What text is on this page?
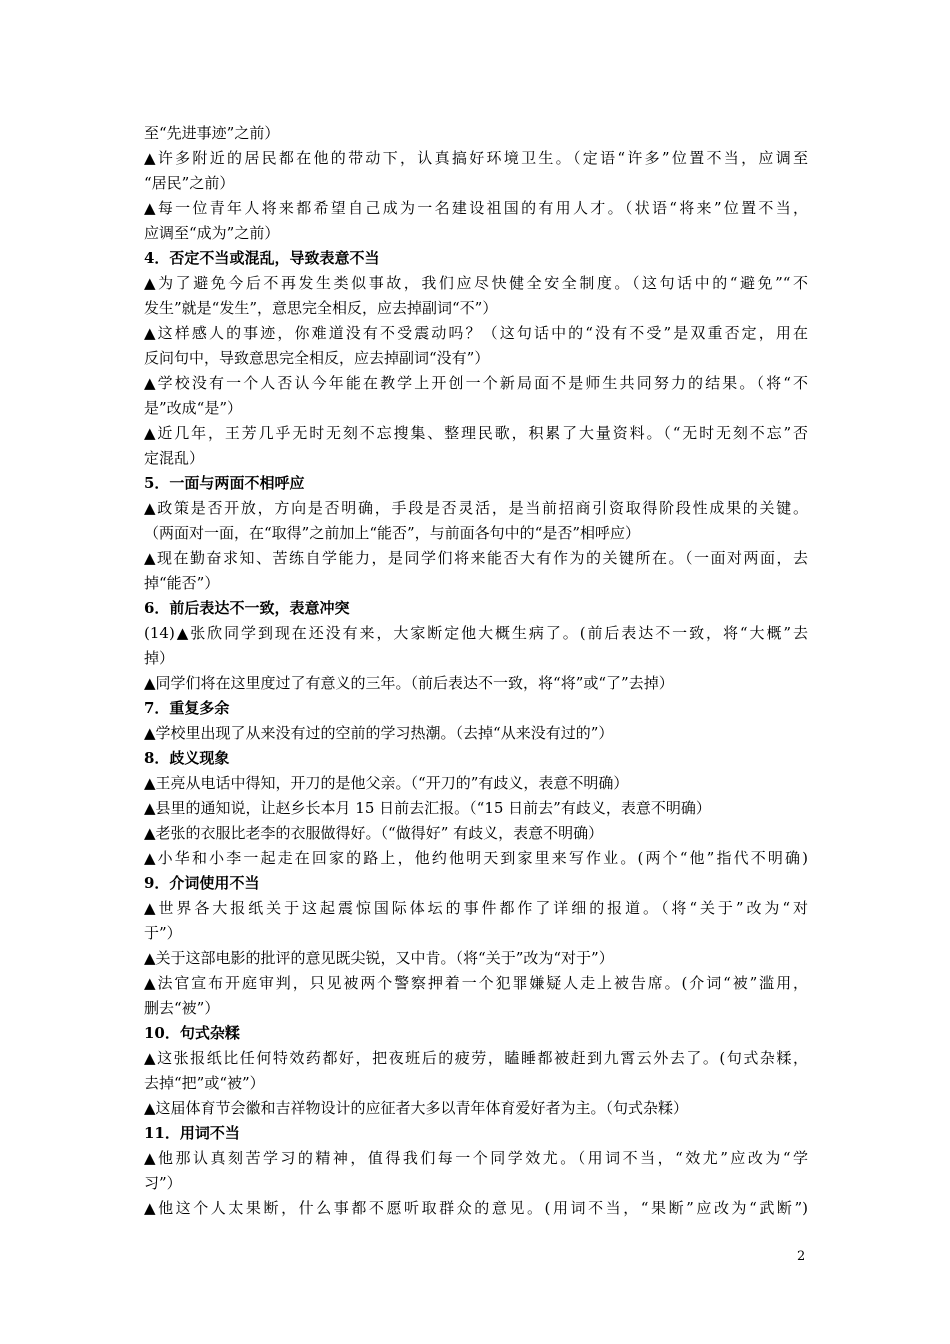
至“先进事迹”之前）
▲许多附近的居民都在他的带动下，认真搞好环境卫生。（定语“许多”位置不当，应调至
“居民”之前）
▲每一位青年人将来都希望自己成为一名建设祖国的有用人才。（状语“将来”位置不当，
应调至“成为”之前）
4．否定不当或混乱，导致表意不当
▲为了避免今后不再发生类似事故，我们应尽快健全安全制度。（这句话中的“避免”“不
发生”就是“发生”，意思完全相反，应去掉副词“不”）
▲这样感人的事迹，你难道没有不受震动吗？（这句话中的“没有不受”是双重否定，用在
反问句中，导致意思完全相反，应去掉副词“没有”）
▲学校没有一个人否认今年能在教学上开创一个新局面不是师生共同努力的结果。（将“不
是”改成“是”）
▲近几年，王芳几乎无时无刻不忘搜集、整理民歌，积累了大量资料。（“无时无刻不忘”否
定混乱）
5．一面与两面不相呼应
▲政策是否开放，方向是否明确，手段是否灵活，是当前招商引资取得阶段性成果的关键。
（两面对一面，在“取得”之前加上“能否”，与前面各句中的“是否”相呼应）
▲现在勤奋求知、苦练自学能力，是同学们将来能否大有作为的关键所在。（一面对两面，去
掉“能否”）
6．前后表达不一致，表意冲突
(14)▲张欣同学到现在还没有来，大家断定他大概生病了。(前后表达不一致，将“大概”去
掉）
▲同学们将在这里度过了有意义的三年。（前后表达不一致，将“将”或“了”去掉）
7．重复多余
▲学校里出现了从来没有过的空前的学习热潮。（去掉“从来没有过的”）
8．歧义现象
▲王亮从电话中得知，开刀的是他父亲。（“开刀的”有歧义，表意不明确）
▲县里的通知说，让赵乡长本月 15 日前去汇报。（“15 日前去”有歧义，表意不明确）
▲老张的衣服比老李的衣服做得好。（“做得好” 有歧义，表意不明确）
▲小华和小李一起走在回家的路上，他约他明天到家里来写作业。(两个“他”指代不明确)
9．介词使用不当
▲世界各大报纸关于这起震惊国际体坛的事件都作了详细的报道。（将“关于”改为“对
于”）
▲关于这部电影的批评的意见既尖锐，又中肯。（将“关于”改为“对于”）
▲法官宣布开庭审判，只见被两个警察押着一个犯罪嫌疑人走上被告席。(介词“被”滥用，
删去“被”）
10．句式杂糅
▲这张报纸比任何特效药都好，把夜班后的疲劳，瞌睡都被赶到九霄云外去了。(句式杂糅，
去掉“把”或“被”）
▲这届体育节会徽和吉祥物设计的应征者大多以青年体育爱好者为主。（句式杂糅）
11．用词不当
▲他那认真刻苦学习的精神，值得我们每一个同学效尤。（用词不当，“效尤”应改为“学
习”）
▲他这个人太果断，什么事都不愿听取群众的意见。(用词不当，“果断”应改为“武断”)
2
